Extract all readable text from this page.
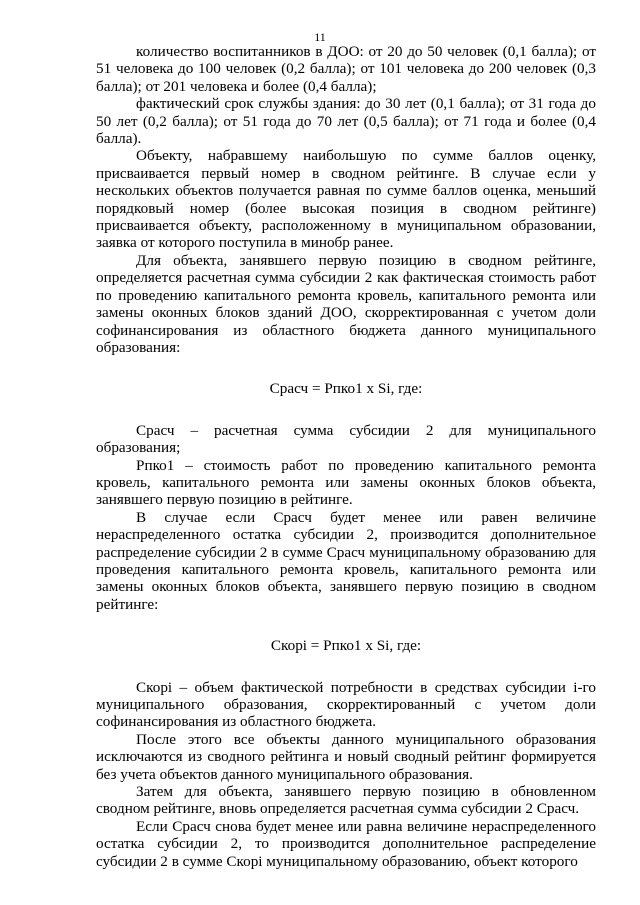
11

количество воспитанников в ДОО: от 20 до 50 человек (0,1 балла); от 51 человека до 100 человек (0,2 балла); от 101 человека до 200 человек (0,3 балла); от 201 человека и более (0,4 балла);

фактический срок службы здания: до 30 лет (0,1 балла); от 31 года до 50 лет (0,2 балла); от 51 года до 70 лет (0,5 балла); от 71 года и более (0,4 балла).

Объекту, набравшему наибольшую по сумме баллов оценку, присваивается первый номер в сводном рейтинге. В случае если у нескольких объектов получается равная по сумме баллов оценка, меньший порядковый номер (более высокая позиция в сводном рейтинге) присваивается объекту, расположенному в муниципальном образовании, заявка от которого поступила в минобр ранее.

Для объекта, занявшего первую позицию в сводном рейтинге, определяется расчетная сумма субсидии 2 как фактическая стоимость работ по проведению капитального ремонта кровель, капитального ремонта или замены оконных блоков зданий ДОО, скорректированная с учетом доли софинансирования из областного бюджета данного муниципального образования:

Срасч = Рпко1 x Si, где:

Срасч – расчетная сумма субсидии 2 для муниципального образования;

Рпко1 – стоимость работ по проведению капитального ремонта кровель, капитального ремонта или замены оконных блоков объекта, занявшего первую позицию в рейтинге.

В случае если Срасч будет менее или равен величине нераспределенного остатка субсидии 2, производится дополнительное распределение субсидии 2 в сумме Срасч муниципальному образованию для проведения капитального ремонта кровель, капитального ремонта или замены оконных блоков объекта, занявшего первую позицию в сводном рейтинге:

Скорi = Рпко1 x Si, где:

Скорi – объем фактической потребности в средствах субсидии i-го муниципального образования, скорректированный с учетом доли софинансирования из областного бюджета.

После этого все объекты данного муниципального образования исключаются из сводного рейтинга и новый сводный рейтинг формируется без учета объектов данного муниципального образования.

Затем для объекта, занявшего первую позицию в обновленном сводном рейтинге, вновь определяется расчетная сумма субсидии 2 Срасч.

Если Срасч снова будет менее или равна величине нераспределенного остатка субсидии 2, то производится дополнительное распределение субсидии 2 в сумме Скорi муниципальному образованию, объект которого
